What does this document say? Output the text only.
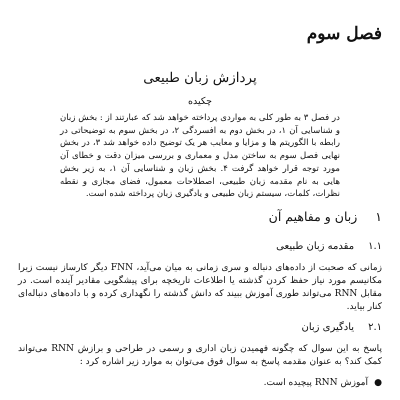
فصل سوم
پردازش زبان طبیعی
چکیده

در فصل ۳ به طور کلی به مواردی پرداخته خواهد شد که عبارتند از : بخش زبان و شناسایی آن ۱، در بخش دوم به افسردگی ۲، در بخش سوم به توضیحاتی در رابطه با الگوریتم ها و مزایا و معایب هر یک توضیح داده خواهد شد ۳، در بخش نهایی فصل سوم به ساختن مدل و معماری و بررسی میزان دقت و خطای آن مورد توجه قرار خواهد گرفت ۴. بخش زبان و شناسایی آن ۱، به زیر بخش هایی به نام مقدمه زبان طبیعی، اصطلاحات معمول، فضای مجازی و نقطه نظرات، کلمات، سیستم زبان طبیعی و یادگیری زبان پرداخته شده است.

۱زبان و مفاهیم آن
۱.۱مقدمه زبان طبیعی

زمانی که صحبت از داده‌های دنباله و سری زمانی به میان می‌آید، FNN دیگر کارساز نیست زیرا مکانیسم مورد نیاز حفظ کردن گذشته یا اطلاعات تاریخچه برای پیشگویی مقادیر آینده است. در مقابل RNN می‌تواند طوری آموزش ببیند که دانش گذشته را نگهداری کرده و با داده‌های دنباله‌ای کنار بیاید.

۲.۱یادگیری زبان

پاسخ به این سوال که چگونه فهمیدن زبان اداری و رسمی در طراحی و برازش RNN می‌تواند کمک کند؟ به عنوان مقدمه پاسخ به سوال فوق می‌توان به موارد زیر اشاره کرد :

●آموزش RNN پیچیده است.
